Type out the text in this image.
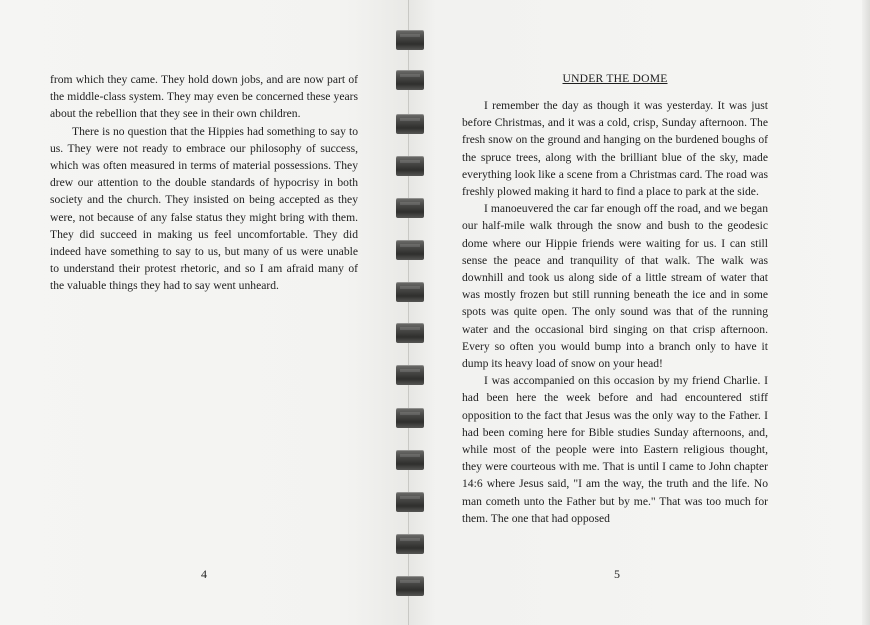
from which they came. They hold down jobs, and are now part of the middle-class system. They may even be concerned these years about the rebellion that they see in their own children.

There is no question that the Hippies had something to say to us. They were not ready to embrace our philosophy of success, which was often measured in terms of material possessions. They drew our attention to the double standards of hypocrisy in both society and the church. They insisted on being accepted as they were, not because of any false status they might bring with them. They did succeed in making us feel uncomfortable. They did indeed have something to say to us, but many of us were unable to understand their protest rhetoric, and so I am afraid many of the valuable things they had to say went unheard.

4
UNDER THE DOME

I remember the day as though it was yesterday. It was just before Christmas, and it was a cold, crisp, Sunday afternoon. The fresh snow on the ground and hanging on the burdened boughs of the spruce trees, along with the brilliant blue of the sky, made everything look like a scene from a Christmas card. The road was freshly plowed making it hard to find a place to park at the side.

I manoeuvered the car far enough off the road, and we began our half-mile walk through the snow and bush to the geodesic dome where our Hippie friends were waiting for us. I can still sense the peace and tranquility of that walk. The walk was downhill and took us along side of a little stream of water that was mostly frozen but still running beneath the ice and in some spots was quite open. The only sound was that of the running water and the occasional bird singing on that crisp afternoon. Every so often you would bump into a branch only to have it dump its heavy load of snow on your head!

I was accompanied on this occasion by my friend Charlie. I had been here the week before and had encountered stiff opposition to the fact that Jesus was the only way to the Father. I had been coming here for Bible studies Sunday afternoons, and, while most of the people were into Eastern religious thought, they were courteous with me. That is until I came to John chapter 14:6 where Jesus said, "I am the way, the truth and the life. No man cometh unto the Father but by me." That was too much for them. The one that had opposed

5
